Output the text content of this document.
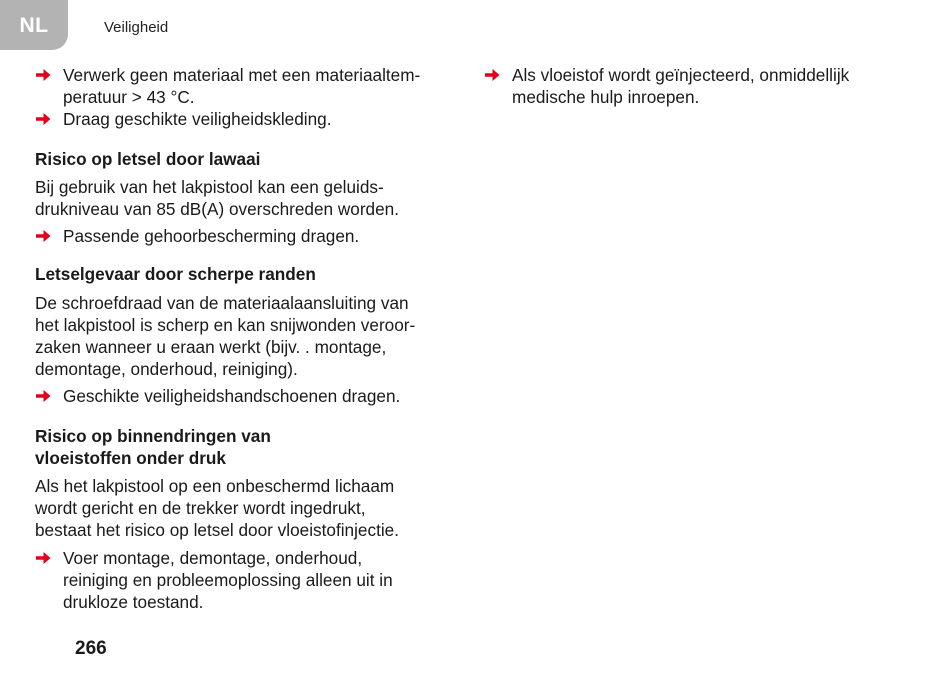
NL	Veiligheid
Verwerk geen materiaal met een materiaaltem-
peratuur > 43 °C.
Draag geschikte veiligheidskleding.
Risico op letsel door lawaai

Bij gebruik van het lakpistool kan een geluids-
drukniveau van 85 dB(A) overschreden worden.

Passende gehoorbescherming dragen.
Letselgevaar door scherpe randen

De schroefdraad van de materiaalaansluiting van
het lakpistool is scherp en kan snijwonden veroor-
zaken wanneer u eraan werkt (bijv. . montage,
demontage, onderhoud, reiniging).

Geschikte veiligheidshandschoenen dragen.
Risico op binnendringen van
vloeistoffen onder druk

Als het lakpistool op een onbeschermd lichaam
wordt gericht en de trekker wordt ingedrukt,
bestaat het risico op letsel door vloeistofinjectie.

Voer montage, demontage, onderhoud,
reiniging en probleemoplossing alleen uit in
drukloze toestand.
Als vloeistof wordt geïnjecteerd, onmiddellijk
medische hulp inroepen.
266
